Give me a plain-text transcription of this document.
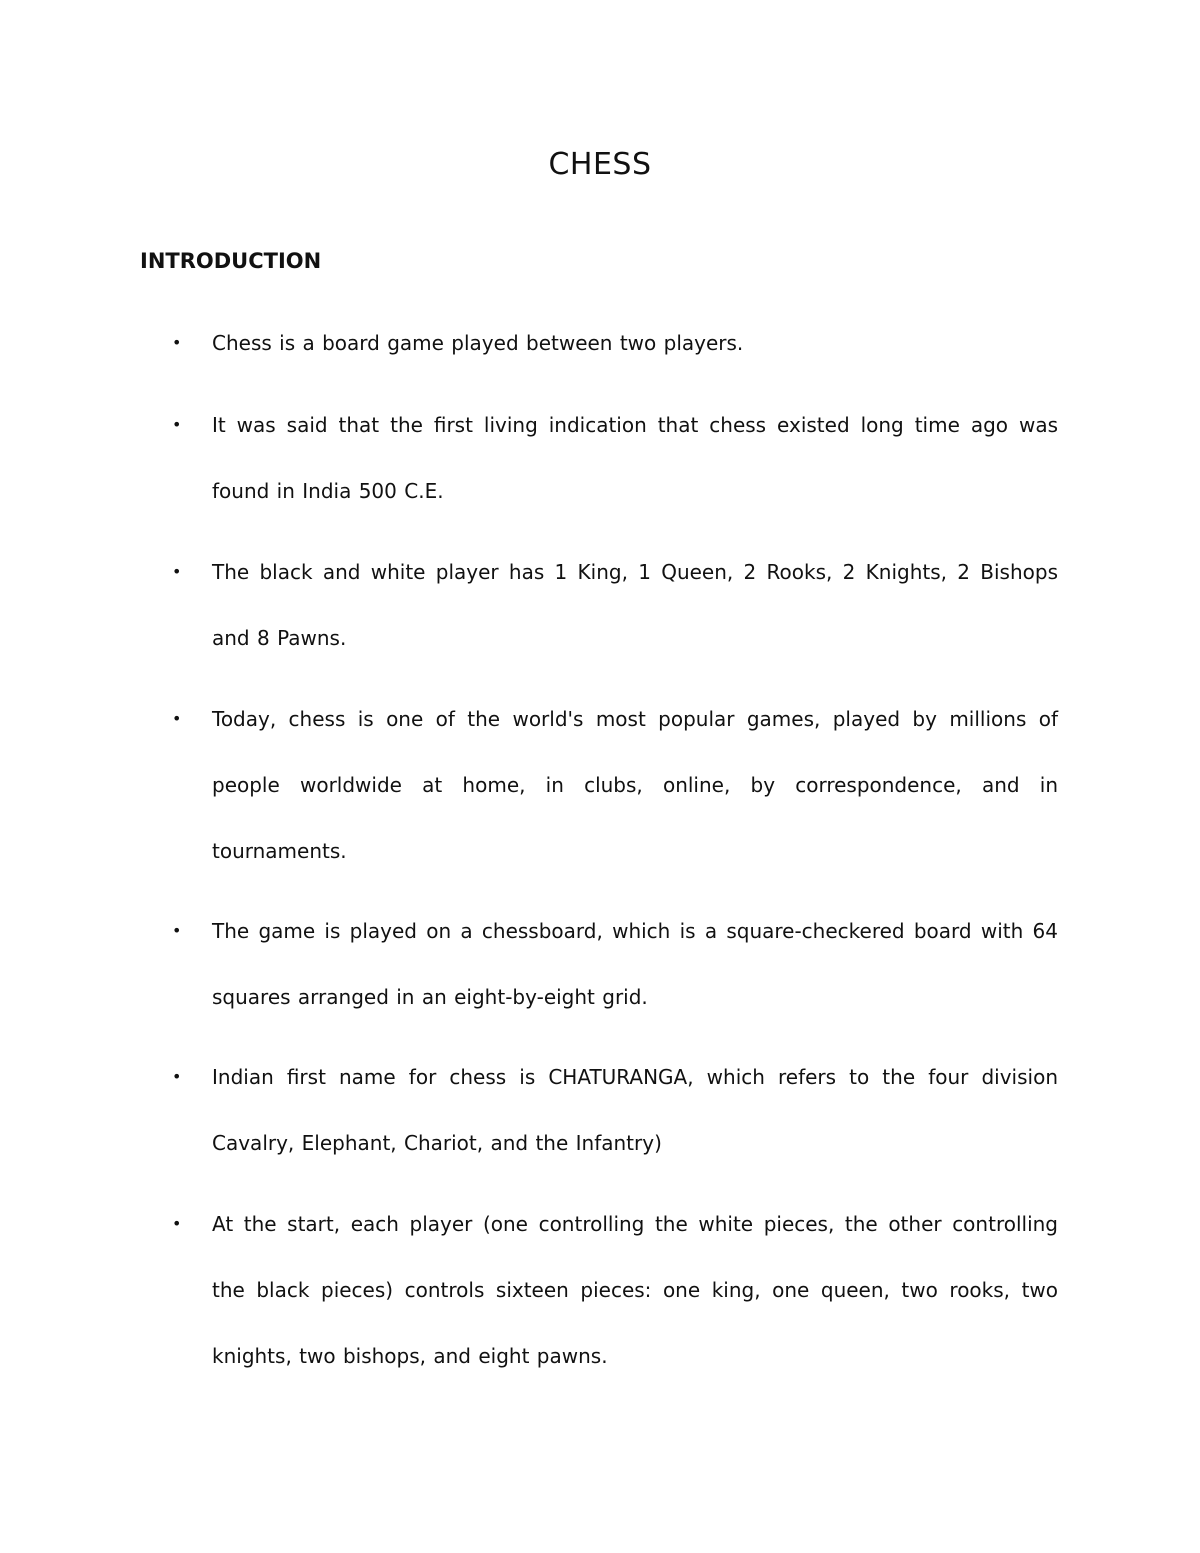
CHESS
INTRODUCTION
•	Chess is a board game played between two players.
•	It was said that the first living indication that chess existed long time ago was found in India 500 C.E.
•	The black and white player has 1 King, 1 Queen, 2 Rooks, 2 Knights, 2 Bishops and 8 Pawns.
•	Today, chess is one of the world's most popular games, played by millions of people worldwide at home, in clubs, online, by correspondence, and in tournaments.
•	The game is played on a chessboard, which is a square-checkered board with 64 squares arranged in an eight-by-eight grid.
•	Indian first name for chess is CHATURANGA, which refers to the four division Cavalry, Elephant, Chariot, and the Infantry)
•	At the start, each player (one controlling the white pieces, the other controlling the black pieces) controls sixteen pieces: one king, one queen, two rooks, two knights, two bishops, and eight pawns.
